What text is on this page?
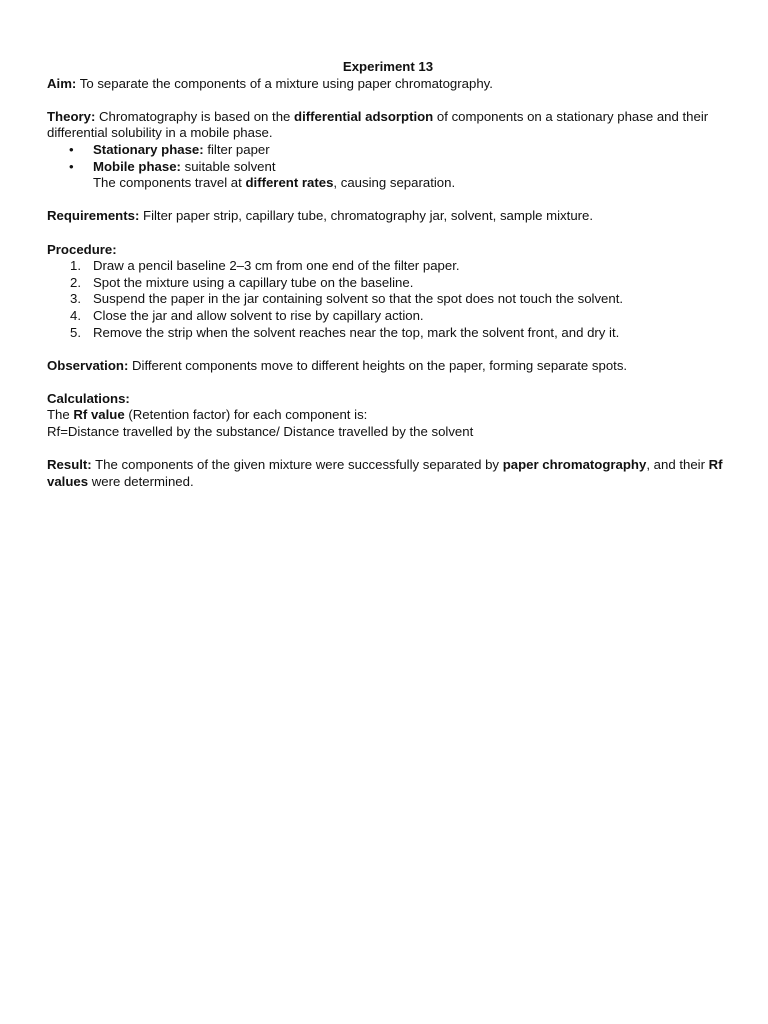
Experiment 13

Aim: To separate the components of a mixture using paper chromatography.

Theory: Chromatography is based on the differential adsorption of components on a stationary phase and their differential solubility in a mobile phase.

• Stationary phase: filter paper
• Mobile phase: suitable solvent

The components travel at different rates, causing separation.

Requirements: Filter paper strip, capillary tube, chromatography jar, solvent, sample mixture.

Procedure:

1. Draw a pencil baseline 2–3 cm from one end of the filter paper.
2. Spot the mixture using a capillary tube on the baseline.
3. Suspend the paper in the jar containing solvent so that the spot does not touch the solvent.
4. Close the jar and allow solvent to rise by capillary action.
5. Remove the strip when the solvent reaches near the top, mark the solvent front, and dry it.

Observation: Different components move to different heights on the paper, forming separate spots.

Calculations:

The Rf value (Retention factor) for each component is:

Rf=Distance travelled by the substance/ Distance travelled by the solvent

Result: The components of the given mixture were successfully separated by paper chromatography, and their Rf values were determined.
